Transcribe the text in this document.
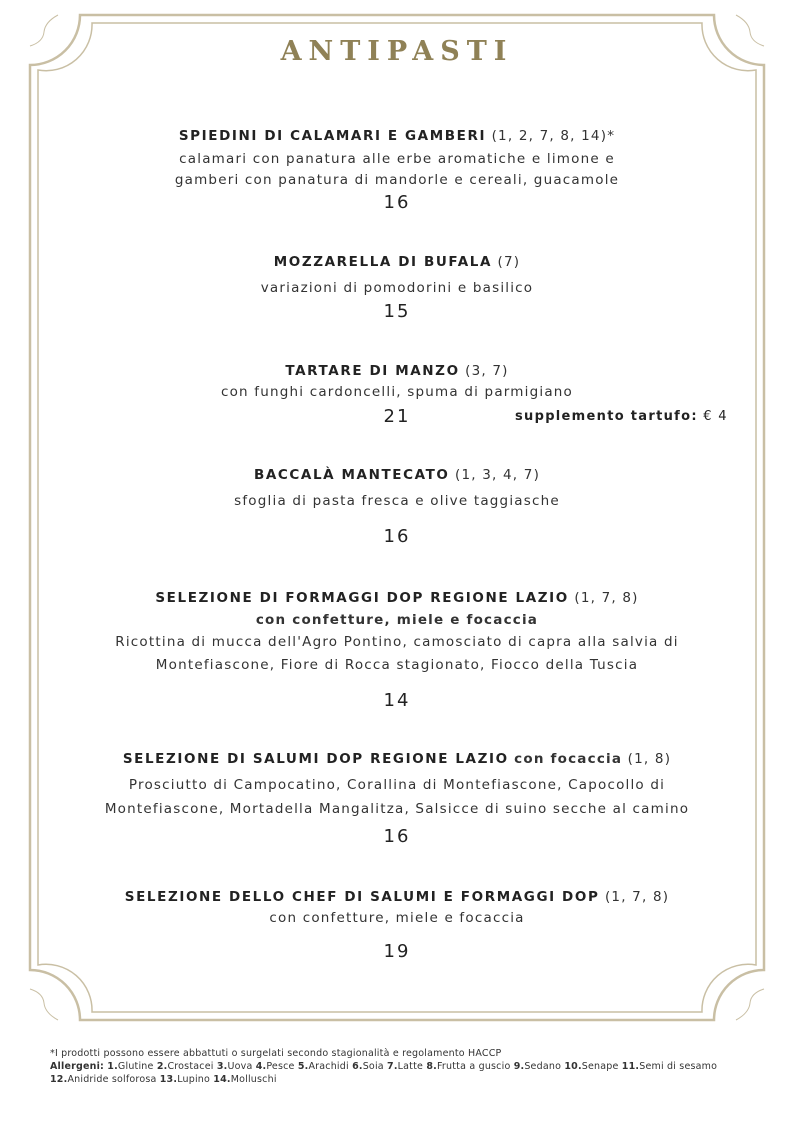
ANTIPASTI
SPIEDINI DI CALAMARI E GAMBERI (1, 2, 7, 8, 14)*
calamari con panatura alle erbe aromatiche e limone e
gamberi con panatura di mandorle e cereali, guacamole
16
MOZZARELLA DI BUFALA (7)
variazioni di pomodorini e basilico
15
TARTARE DI MANZO (3, 7)
con funghi cardoncelli, spuma di parmigiano
21	supplemento tartufo: € 4
BACCALÀ MANTECATO (1, 3, 4, 7)
sfoglia di pasta fresca e olive taggiasche
16
SELEZIONE DI FORMAGGI DOP REGIONE LAZIO (1, 7, 8)
con confetture, miele e focaccia
Ricottina di mucca dell'Agro Pontino, camosciato di capra alla salvia di
Montefiascone, Fiore di Rocca stagionato, Fiocco della Tuscia
14
SELEZIONE DI SALUMI DOP REGIONE LAZIO con focaccia (1, 8)
Prosciutto di Campocatino, Corallina di Montefiascone, Capocollo di
Montefiascone, Mortadella Mangalitza, Salsicce di suino secche al camino
16
SELEZIONE DELLO CHEF DI SALUMI E FORMAGGI DOP (1, 7, 8)
con confetture, miele e focaccia
19
*I prodotti possono essere abbattuti o surgelati secondo stagionalità e regolamento HACCP
Allergeni: 1.Glutine 2.Crostacei 3.Uova 4.Pesce 5.Arachidi 6.Soia 7.Latte 8.Frutta a guscio 9.Sedano 10.Senape 11.Semi di sesamo 12.Anidride solforosa 13.Lupino 14.Molluschi
